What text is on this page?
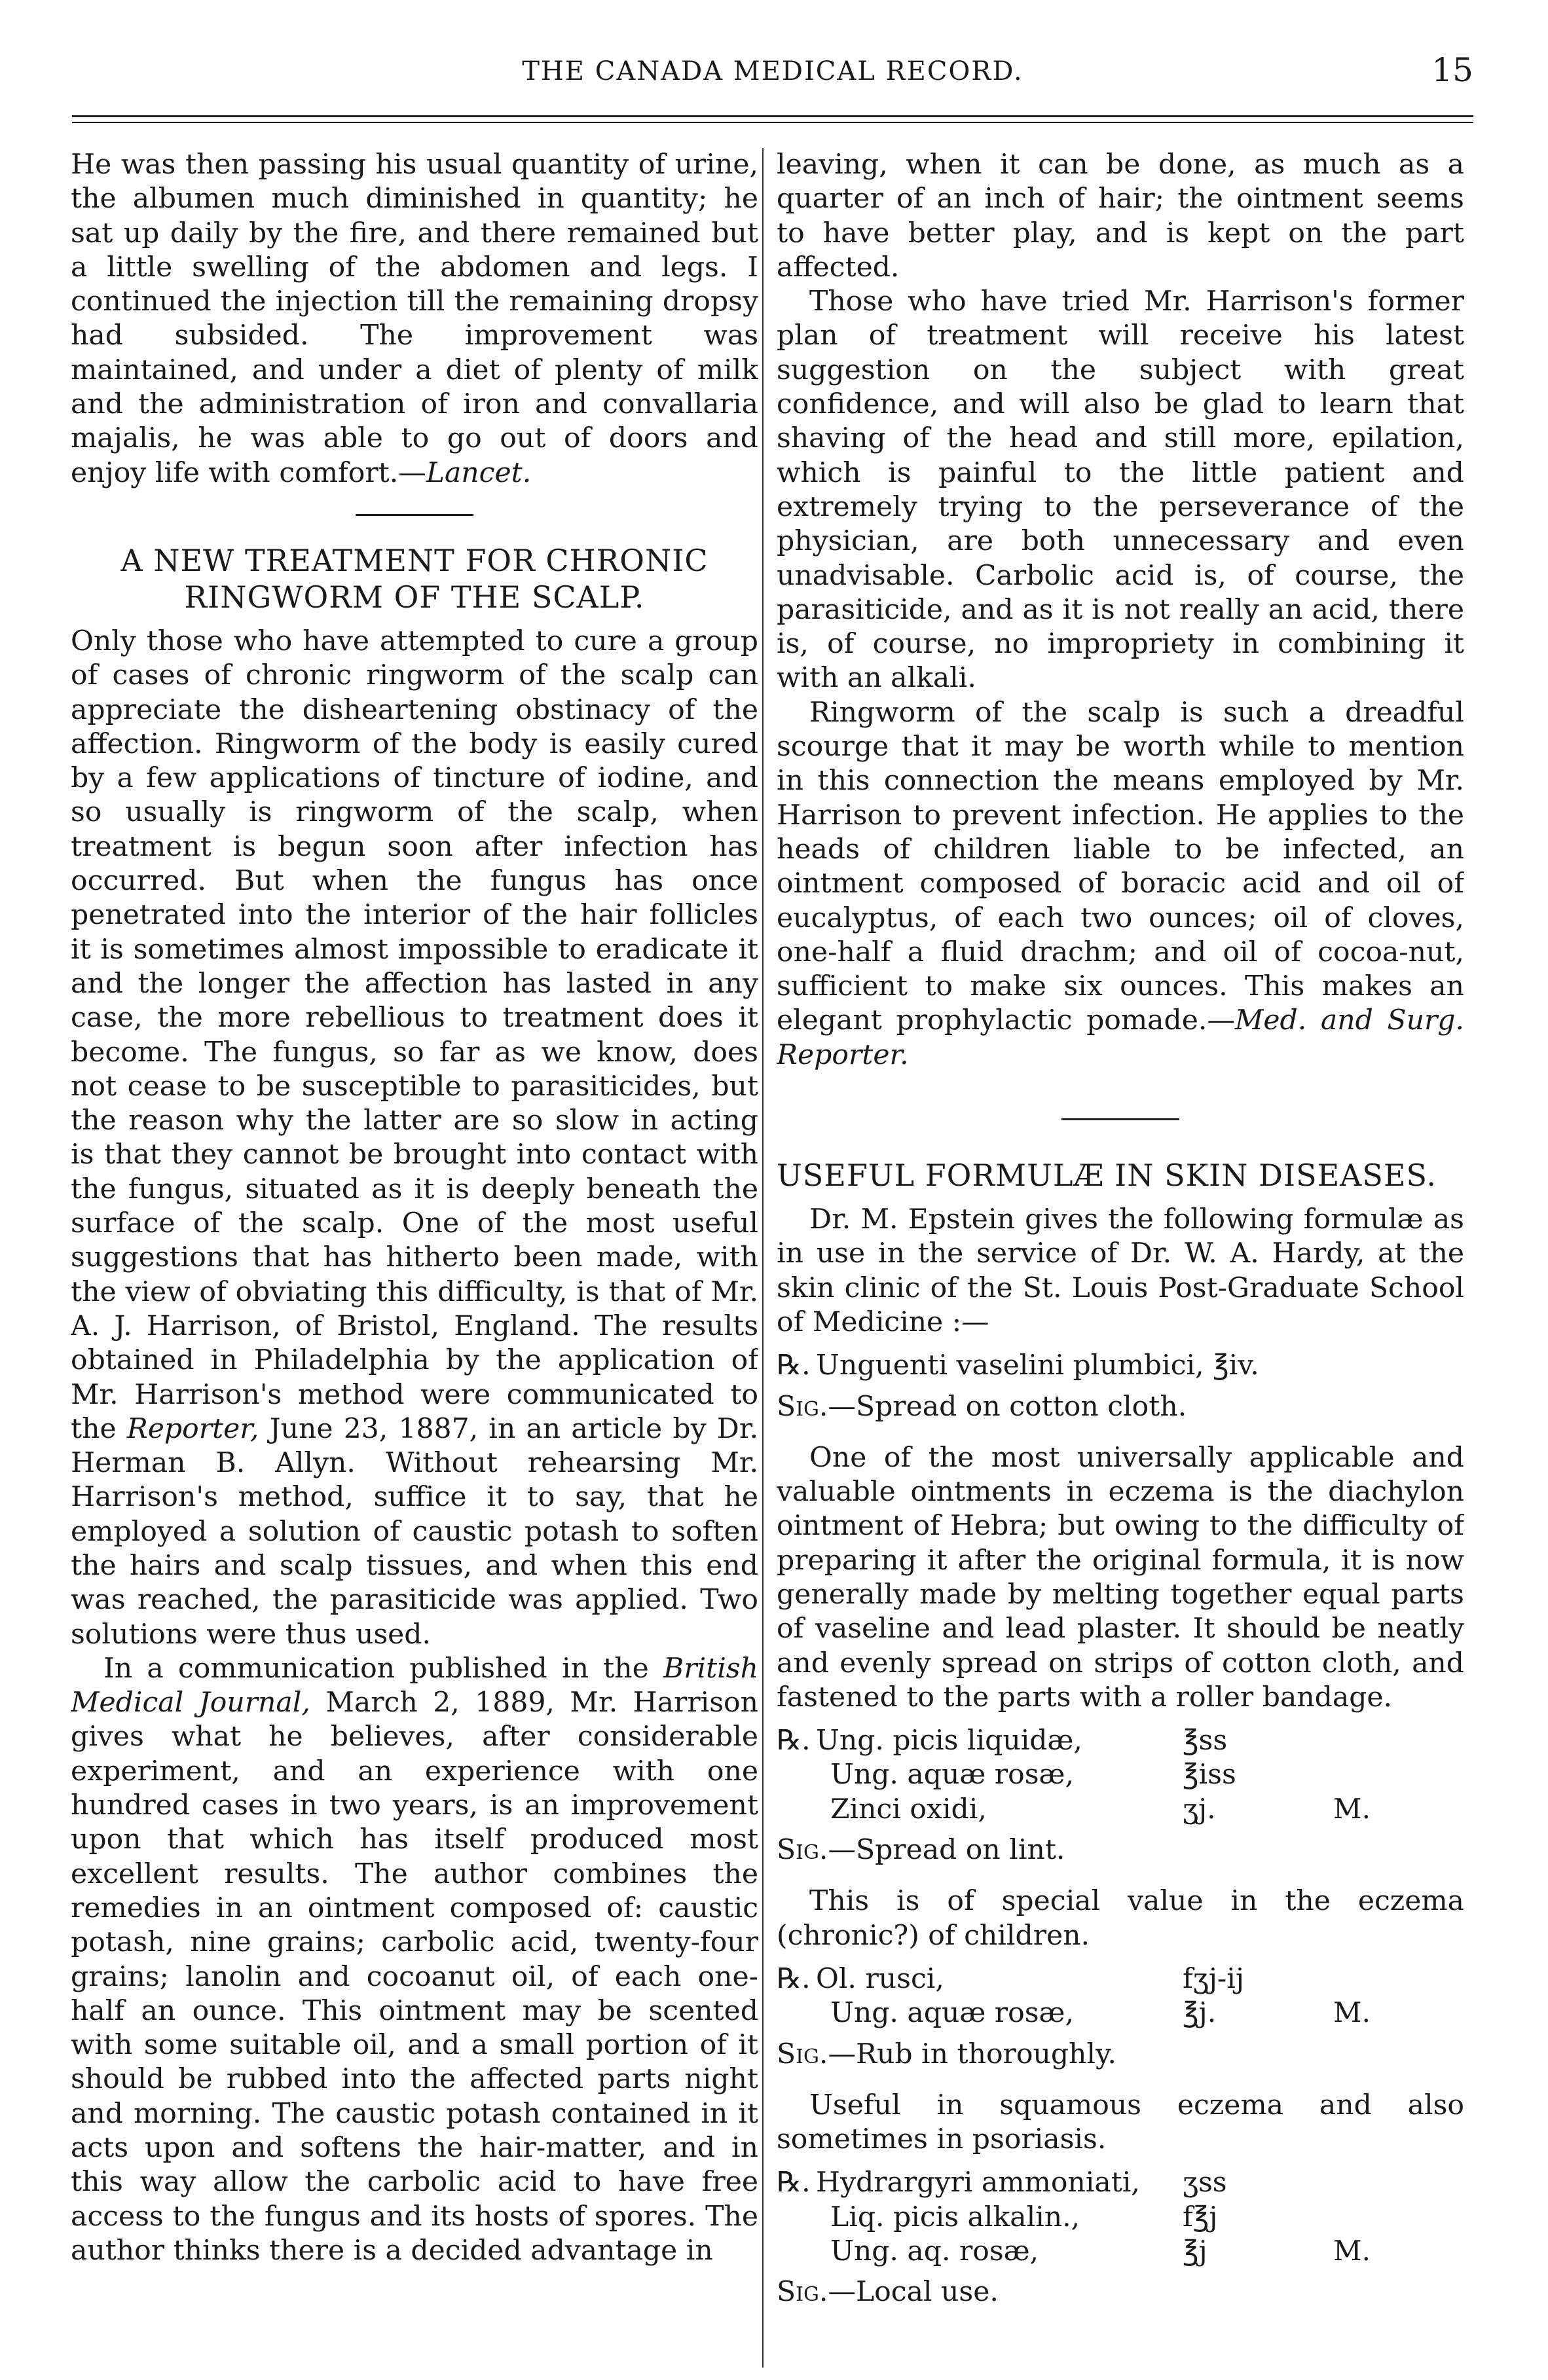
THE CANADA MEDICAL RECORD.	15

He was then passing his usual quantity of urine, the albumen much diminished in quantity; he sat up daily by the fire, and there remained but a little swelling of the abdomen and legs. I continued the injection till the remaining dropsy had subsided. The improvement was maintained, and under a diet of plenty of milk and the administration of iron and convallaria majalis, he was able to go out of doors and enjoy life with comfort.—Lancet.

A NEW TREATMENT FOR CHRONIC
RINGWORM OF THE SCALP.

Only those who have attempted to cure a group of cases of chronic ringworm of the scalp can appreciate the disheartening obstinacy of the affection. Ringworm of the body is easily cured by a few applications of tincture of iodine, and so usually is ringworm of the scalp, when treatment is begun soon after infection has occurred. But when the fungus has once penetrated into the interior of the hair follicles it is sometimes almost impossible to eradicate it and the longer the affection has lasted in any case, the more rebellious to treatment does it become. The fungus, so far as we know, does not cease to be susceptible to parasiticides, but the reason why the latter are so slow in acting is that they cannot be brought into contact with the fungus, situated as it is deeply beneath the surface of the scalp. One of the most useful suggestions that has hitherto been made, with the view of obviating this difficulty, is that of Mr. A. J. Harrison, of Bristol, England. The results obtained in Philadelphia by the application of Mr. Harrison's method were communicated to the Reporter, June 23, 1887, in an article by Dr. Herman B. Allyn. Without rehearsing Mr. Harrison's method, suffice it to say, that he employed a solution of caustic potash to soften the hairs and scalp tissues, and when this end was reached, the parasiticide was applied. Two solutions were thus used.

In a communication published in the British Medical Journal, March 2, 1889, Mr. Harrison gives what he believes, after considerable experiment, and an experience with one hundred cases in two years, is an improvement upon that which has itself produced most excellent results. The author combines the remedies in an ointment composed of: caustic potash, nine grains; carbolic acid, twenty-four grains; lanolin and cocoanut oil, of each one-half an ounce. This ointment may be scented with some suitable oil, and a small portion of it should be rubbed into the affected parts night and morning. The caustic potash contained in it acts upon and softens the hair-matter, and in this way allow the carbolic acid to have free access to the fungus and its hosts of spores. The author thinks there is a decided advantage in

leaving, when it can be done, as much as a quarter of an inch of hair; the ointment seems to have better play, and is kept on the part affected.

Those who have tried Mr. Harrison's former plan of treatment will receive his latest suggestion on the subject with great confidence, and will also be glad to learn that shaving of the head and still more, epilation, which is painful to the little patient and extremely trying to the perseverance of the physician, are both unnecessary and even unadvisable. Carbolic acid is, of course, the parasiticide, and as it is not really an acid, there is, of course, no impropriety in combining it with an alkali.

Ringworm of the scalp is such a dreadful scourge that it may be worth while to mention in this connection the means employed by Mr. Harrison to prevent infection. He applies to the heads of children liable to be infected, an ointment composed of boracic acid and oil of eucalyptus, of each two ounces; oil of cloves, one-half a fluid drachm; and oil of cocoa-nut, sufficient to make six ounces. This makes an elegant prophylactic pomade.—Med. and Surg. Reporter.

USEFUL FORMULÆ IN SKIN DISEASES.

Dr. M. Epstein gives the following formulæ as in use in the service of Dr. W. A. Hardy, at the skin clinic of the St. Louis Post-Graduate School of Medicine :—

℞. Unguenti vaselini plumbici, ℥iv.

Sig.—Spread on cotton cloth.

One of the most universally applicable and valuable ointments in eczema is the diachylon ointment of Hebra; but owing to the difficulty of preparing it after the original formula, it is now generally made by melting together equal parts of vaseline and lead plaster. It should be neatly and evenly spread on strips of cotton cloth, and fastened to the parts with a roller bandage.

℞. Ung. picis liquidæ,	℥ss
Ung. aquæ rosæ,	℥iss
Zinci oxidi,	ʒj.	M.

Sig.—Spread on lint.

This is of special value in the eczema (chronic?) of children.

℞. Ol. rusci,	fʒj-ij
Ung. aquæ rosæ,	℥j.	M.

Sig.—Rub in thoroughly.

Useful in squamous eczema and also sometimes in psoriasis.

℞. Hydrargyri ammoniati,	ʒss
Liq. picis alkalin.,	f℥j
Ung. aq. rosæ,	℥j	M.

Sig.—Local use.
